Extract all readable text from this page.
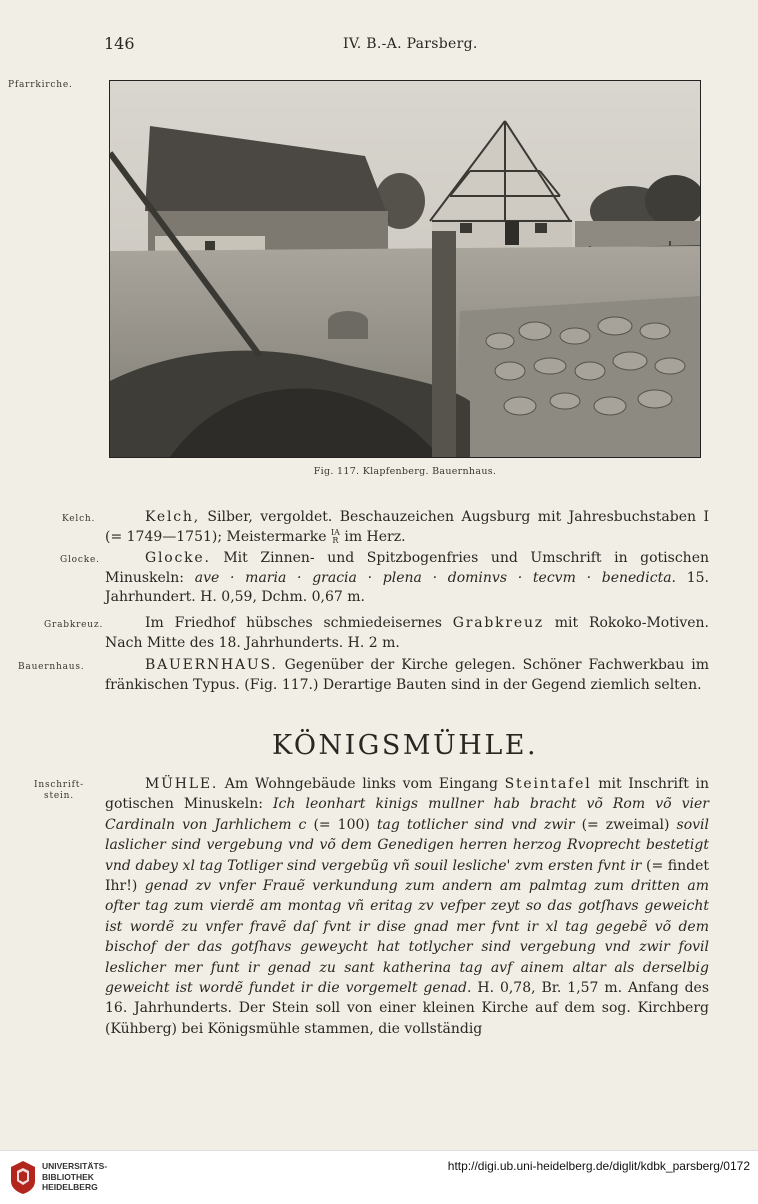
146	IV. B.-A. Parsberg.
Pfarrkirche.
Fig. 117. Klapfenberg. Bauernhaus.
Kelch.	Kelch, Silber, vergoldet. Beschauzeichen Augsburg mit Jahresbuchstaben I (= 1749—1751); Meistermarke IA
R im Herz.
Glocke.	Glocke. Mit Zinnen- und Spitzbogenfries und Umschrift in gotischen Minuskeln: ave · maria · gracia · plena · dominvs · tecvm · benedicta. 15. Jahrhundert. H. 0,59, Dchm. 0,67 m.
Grabkreuz.	Im Friedhof hübsches schmiedeisernes Grabkreuz mit Rokoko-Motiven. Nach Mitte des 18. Jahrhunderts. H. 2 m.
Bauernhaus.	BAUERNHAUS. Gegenüber der Kirche gelegen. Schöner Fachwerkbau im fränkischen Typus. (Fig. 117.) Derartige Bauten sind in der Gegend ziemlich selten.
KÖNIGSMÜHLE.
Inschrift-
stein.
MÜHLE. Am Wohngebäude links vom Eingang Steintafel mit Inschrift in gotischen Minuskeln: Ich leonhart kinigs mullner hab bracht võ Rom võ vier Cardinaln von Jarhlichem c (= 100) tag totlicher sind vnd zwir (= zweimal) sovil laslicher sind vergebung vnd võ dem Genedigen herren herzog Rvoprecht bestetigt vnd dabey xl tag Totliger sind vergebũg vñ souil lesliche' zvm ersten fvnt ir (= findet Ihr!) genad zv vnfer Frauẽ verkundung zum andern am palmtag zum dritten am ofter tag zum vierdẽ am montag vñ eritag zv vefper zeyt so das gotſhavs geweicht ist wordẽ zu vnfer fravẽ daſ fvnt ir dise gnad mer fvnt ir xl tag gegebẽ võ dem bischof der das gotſhavs geweycht hat totlycher sind vergebung vnd zwir fovil leslicher mer funt ir genad zu sant katherina tag avf ainem altar als derselbig geweicht ist wordẽ fundet ir die vorgemelt genad. H. 0,78, Br. 1,57 m. Anfang des 16. Jahrhunderts. Der Stein soll von einer kleinen Kirche auf dem sog. Kirchberg (Kühberg) bei Königsmühle stammen, die vollständig
UNIVERSITÄTS-
BIBLIOTHEK
HEIDELBERG
http://digi.ub.uni-heidelberg.de/diglit/kdbk_parsberg/0172
